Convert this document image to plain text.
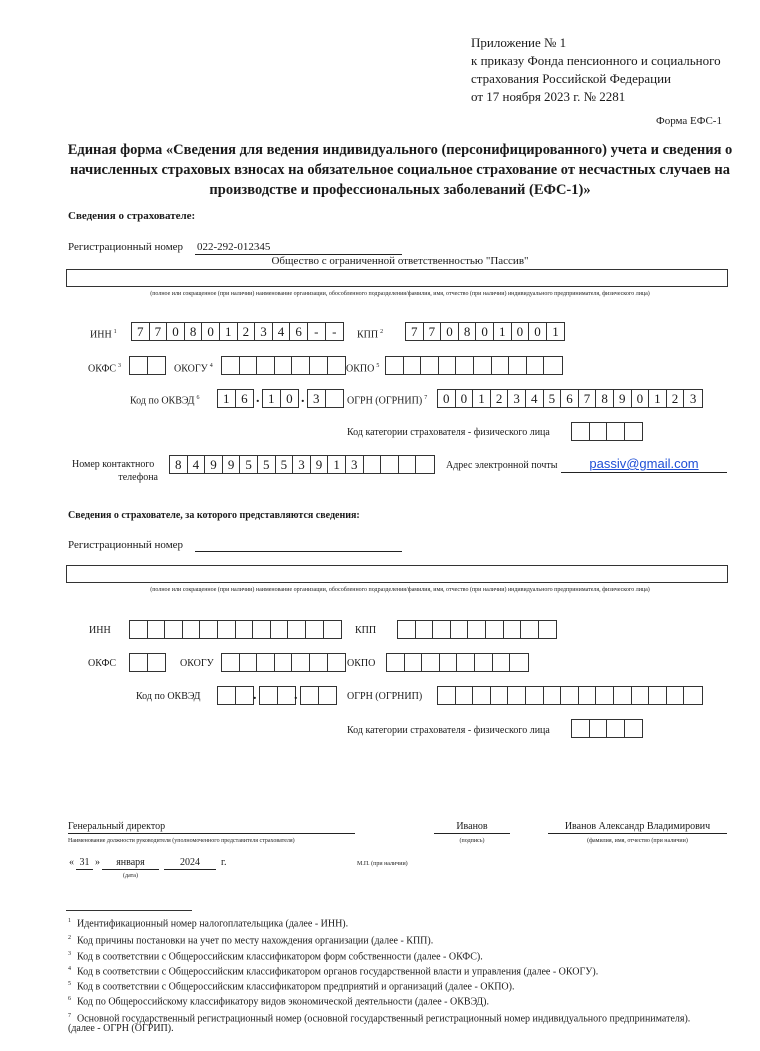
Приложение № 1
к приказу Фонда пенсионного и социального
страхования Российской Федерации
от 17 ноября 2023 г. № 2281
Форма ЕФС-1
Единая форма «Сведения для ведения индивидуального (персонифицированного) учета и сведения о
начисленных страховых взносах на обязательное социальное страхование от несчастных случаев на
производстве и профессиональных заболеваний (ЕФС-1)»
Сведения о страхователе:
Регистрационный номер 022-292-012345
Общество с ограниченной ответственностью "Пассив"
(полное или сокращенное (при наличии) наименование организации, обособленного подразделения/фамилия, имя, отчество (при наличии) индивидуального предпринимателя, физического лица)
ИНН $^1$	7 7 0 8 0 1 2 3 4 6 -	-	КПП $^2$	7 7 0 8 0 1 0 0 1
ОКФС $^3$	ОКОГУ $^4$	ОКПО $^5$
Код по ОКВЭД $^6$	1 6 . 1 0 . 3	ОГРН (ОГРНИП) $^7$	0 0 1 2 3 4 5 6 7 8 9 0 1 2 3
Код категории страхователя - физического лица
Номер контактного
телефона
8 4 9 9 5 5 5 3 9 1 3	Адрес электронной почты	passiv@gmail.com
Сведения о страхователе, за которого представляются сведения:
Регистрационный номер
(полное или сокращенное (при наличии) наименование организации, обособленного подразделения/фамилия, имя, отчество (при наличии) индивидуального предпринимателя, физического лица)
ИНН	КПП
ОКФС	ОКОГУ	ОКПО
Код по ОКВЭД	.	.	ОГРН (ОГРНИП)
Код категории страхователя - физического лица
Генеральный директор
Наименование должности руководителя (уполномоченного представителя страхователя)
Иванов
(подпись)
Иванов Александр Владимирович
(фамилия, имя, отчество (при наличии)
« 31 »	января	2024	г.
(дата)
М.П. (при наличии)
$^1$ Идентификационный номер налогоплательщика (далее - ИНН).
$^2$ Код причины постановки на учет по месту нахождения организации (далее - КПП).
$^3$ Код в соответствии с Общероссийским классификатором форм собственности (далее - ОКФС).
$^4$ Код в соответствии с Общероссийским классификатором органов государственной власти и управления (далее - ОКОГУ).
$^5$ Код в соответствии с Общероссийским классификатором предприятий и организаций (далее - ОКПО).
$^6$ Код по Общероссийскому классификатору видов экономической деятельности (далее - ОКВЭД).
$^7$ Основной государственный регистрационный номер (основной государственный регистрационный номер индивидуального предпринимателя).
(далее - ОГРН (ОГРИП).
